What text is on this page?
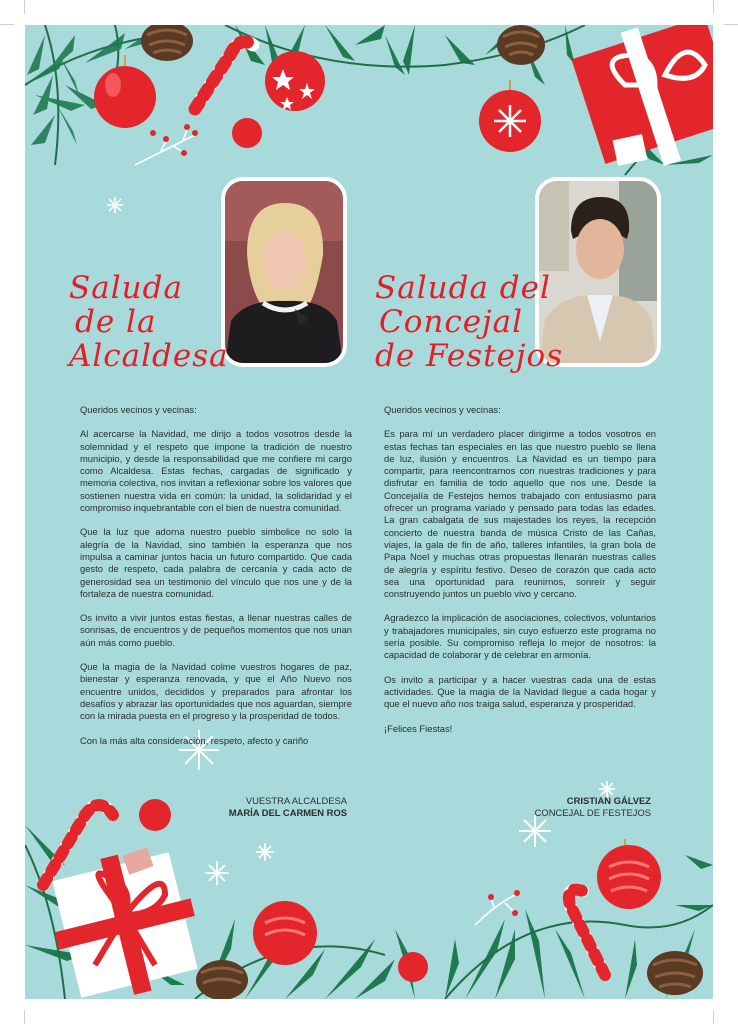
Saluda
de la
Alcaldesa
Saluda del
Concejal
de Festejos

Queridos vecinos y vecinas:

Al acercarse la Navidad, me dirijo a todos vosotros desde la solemnidad y el respeto que impone la tradición de nuestro municipio, y desde la responsabilidad que me confiere mi cargo como Alcaldesa. Estas fechas, cargadas de significado y memoria colectiva, nos invitan a reflexionar sobre los valores que sostienen nuestra vida en común: la unidad, la solidaridad y el compromiso inquebrantable con el bien de nuestra comunidad.

Que la luz que adorna nuestro pueblo simbolice no solo la alegría de la Navidad, sino también la esperanza que nos impulsa a caminar juntos hacia un futuro compartido. Que cada gesto de respeto, cada palabra de cercanía y cada acto de generosidad sea un testimonio del vínculo que nos une y de la fortaleza de nuestra comunidad.

Os invito a vivir juntos estas fiestas, a llenar nuestras calles de sonrisas, de encuentros y de pequeños momentos que nos unan aún más como pueblo.

Que la magia de la Navidad colme vuestros hogares de paz, bienestar y esperanza renovada, y que el Año Nuevo nos encuentre unidos, decididos y preparados para afrontar los desafíos y abrazar las oportunidades que nos aguardan, siempre con la mirada puesta en el progreso y la prosperidad de todos.

Con la más alta consideración, respeto, afecto y cariño

VUESTRA ALCALDESA
MARÍA DEL CARMEN ROS

Queridos vecinos y vecinas:

Es para mí un verdadero placer dirigirme a todos vosotros en estas fechas tan especiales en las que nuestro pueblo se llena de luz, ilusión y encuentros. La Navidad es un tiempo para compartir, para reencontrarnos con nuestras tradiciones y para disfrutar en familia de todo aquello que nos une. Desde la Concejalía de Festejos hemos trabajado con entusiasmo para ofrecer un programa variado y pensado para todas las edades. La gran cabalgata de sus majestades los reyes, la recepción concierto de nuestra banda de música Cristo de las Cañas, viajes, la gala de fin de año, talleres infantiles, la gran bola de Papa Noel y muchas otras propuestas llenarán nuestras calles de alegría y espíritu festivo. Deseo de corazón que cada acto sea una oportunidad para reunirnos, sonreír y seguir construyendo juntos un pueblo vivo y cercano.

Agradezco la implicación de asociaciones, colectivos, voluntarios y trabajadores municipales, sin cuyo esfuerzo este programa no sería posible. Su compromiso refleja lo mejor de nosotros: la capacidad de colaborar y de celebrar en armonía.

Os invito a participar y a hacer vuestras cada una de estas actividades. Que la magia de la Navidad llegue a cada hogar y que el nuevo año nos traiga salud, esperanza y prosperidad.

¡Felices Fiestas!

CRISTIAN GÁLVEZ
CONCEJAL DE FESTEJOS
